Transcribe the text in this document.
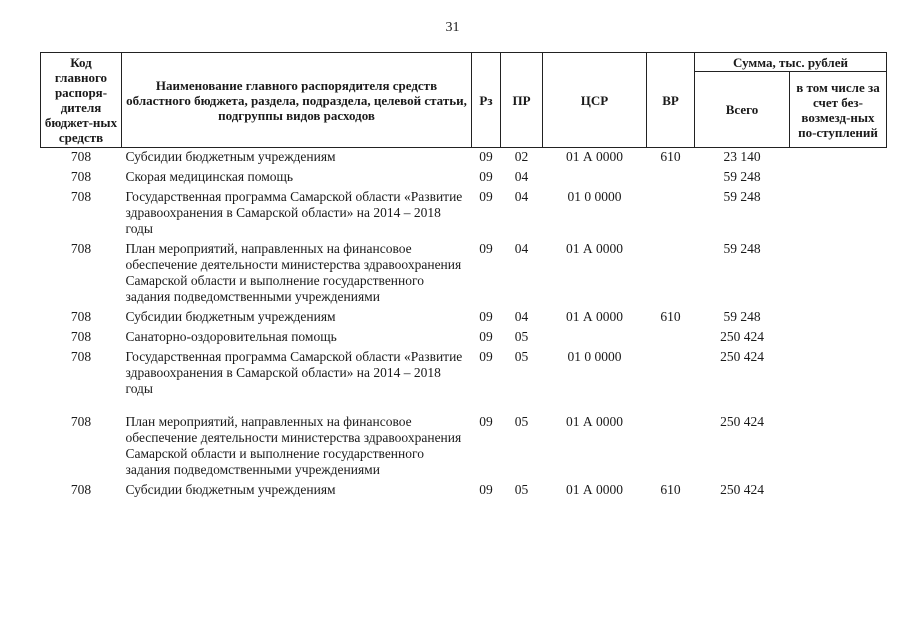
31
Код главного распоря-дителя бюджет-ных средств	Наименование главного распорядителя средств областного бюджета, раздела, подраздела, целевой статьи, подгруппы видов расходов	Рз	ПР	ЦСР	ВР	Сумма, тыс. рублей	
						Всего	в том числе за счет без-возмезд-ных по-ступлений
708	Субсидии бюджетным учреждениям	09	02	01 А 0000	610	23 140	
708	Скорая медицинская помощь	09	04			59 248	
708	Государственная программа Самарской области «Развитие здравоохранения в Самарской области» на 2014 – 2018 годы	09	04	01 0 0000		59 248	
708	План мероприятий, направленных на финансовое обеспечение деятельности министерства здравоохранения Самарской области и выполнение государственного задания подведомственными учреждениями	09	04	01 А 0000		59 248	
708	Субсидии бюджетным учреждениям	09	04	01 А 0000	610	59 248	
708	Санаторно-оздоровительная помощь	09	05			250 424	
708	Государственная программа Самарской области «Развитие здравоохранения в Самарской области» на 2014 – 2018 годы	09	05	01 0 0000		250 424	
708	План мероприятий, направленных на финансовое обеспечение деятельности министерства здравоохранения Самарской области и выполнение государственного задания подведомственными учреждениями	09	05	01 А 0000		250 424	
708	Субсидии бюджетным учреждениям	09	05	01 А 0000	610	250 424	
